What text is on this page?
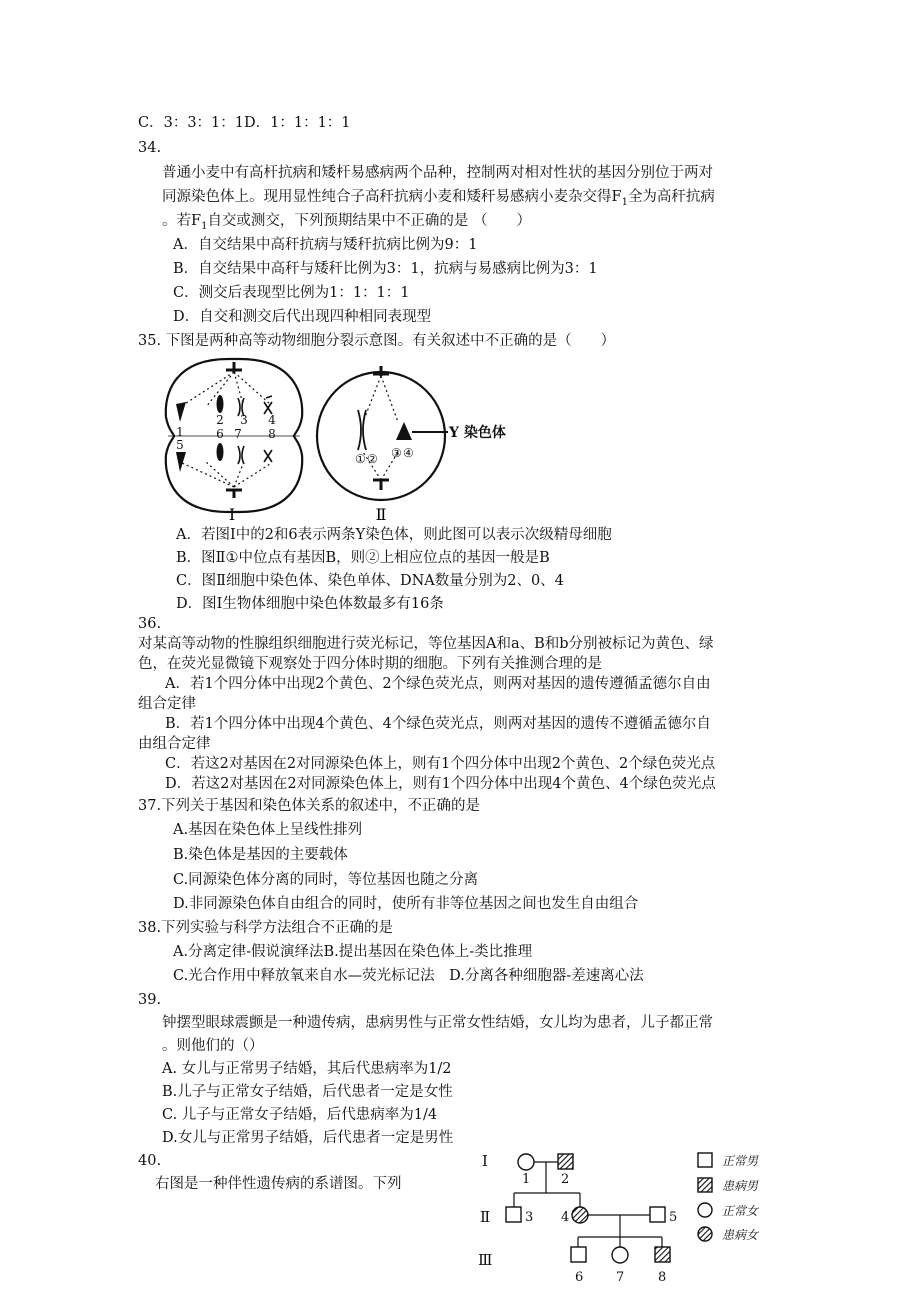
C．3：3：1：1D．1：1：1：1
34.
普通小麦中有高杆抗病和矮杆易感病两个品种，控制两对相对性状的基因分别位于两对
同源染色体上。现用显性纯合子高秆抗病小麦和矮秆易感病小麦杂交得$F_1$全为高秆抗病
。若$F_1$自交或测交，下列预期结果中不正确的是 （　　）
A．自交结果中高秆抗病与矮秆抗病比例为9：1
B．自交结果中高秆与矮秆比例为3：1，抗病与易感病比例为3：1
C．测交后表现型比例为1：1：1：1
D．自交和测交后代出现四种相同表现型
35. 下图是两种高等动物细胞分裂示意图。有关叙述中不正确的是（　　）
1
5
2
6
3
7
4
8
Ⅰ
Y 染色体
① ② ③ ④
Ⅱ
A．若图I中的2和6表示两条Y染色体，则此图可以表示次级精母细胞
B．图Ⅱ①中位点有基因B，则②上相应位点的基因一般是B
C．图Ⅱ细胞中染色体、染色单体、DNA数量分别为2、0、4
D．图I生物体细胞中染色体数最多有16条
36.
对某高等动物的性腺组织细胞进行荧光标记，等位基因A和a、B和b分别被标记为黄色、绿
色，在荧光显微镜下观察处于四分体时期的细胞。下列有关推测合理的是
A．若1个四分体中出现2个黄色、2个绿色荧光点，则两对基因的遗传遵循孟德尔自由
组合定律
B．若1个四分体中出现4个黄色、4个绿色荧光点，则两对基因的遗传不遵循孟德尔自
由组合定律
C．若这2对基因在2对同源染色体上，则有1个四分体中出现2个黄色、2个绿色荧光点
D．若这2对基因在2对同源染色体上，则有1个四分体中出现4个黄色、4个绿色荧光点
37.下列关于基因和染色体关系的叙述中，不正确的是
A.基因在染色体上呈线性排列
B.染色体是基因的主要载体
C.同源染色体分离的同时，等位基因也随之分离
D.非同源染色体自由组合的同时，使所有非等位基因之间也发生自由组合
38.下列实验与科学方法组合不正确的是
A.分离定律-假说演绎法B.提出基因在染色体上-类比推理
C.光合作用中释放氧来自水—荧光标记法　D.分离各种细胞器-差速离心法
39.
钟摆型眼球震颤是一种遗传病，患病男性与正常女性结婚，女儿均为患者，儿子都正常
。则他们的（）
A. 女儿与正常男子结婚，其后代患病率为1/2
B.儿子与正常女子结婚，后代患者一定是女性
C. 儿子与正常女子结婚，后代患病率为1/4
D.女儿与正常男子结婚，后代患者一定是男性
40.
右图是一种伴性遗传病的系谱图。下列
Ⅰ
Ⅱ
Ⅲ
1 2
3 4	5
6	7	8
正常男
患病男
正常女
患病女
